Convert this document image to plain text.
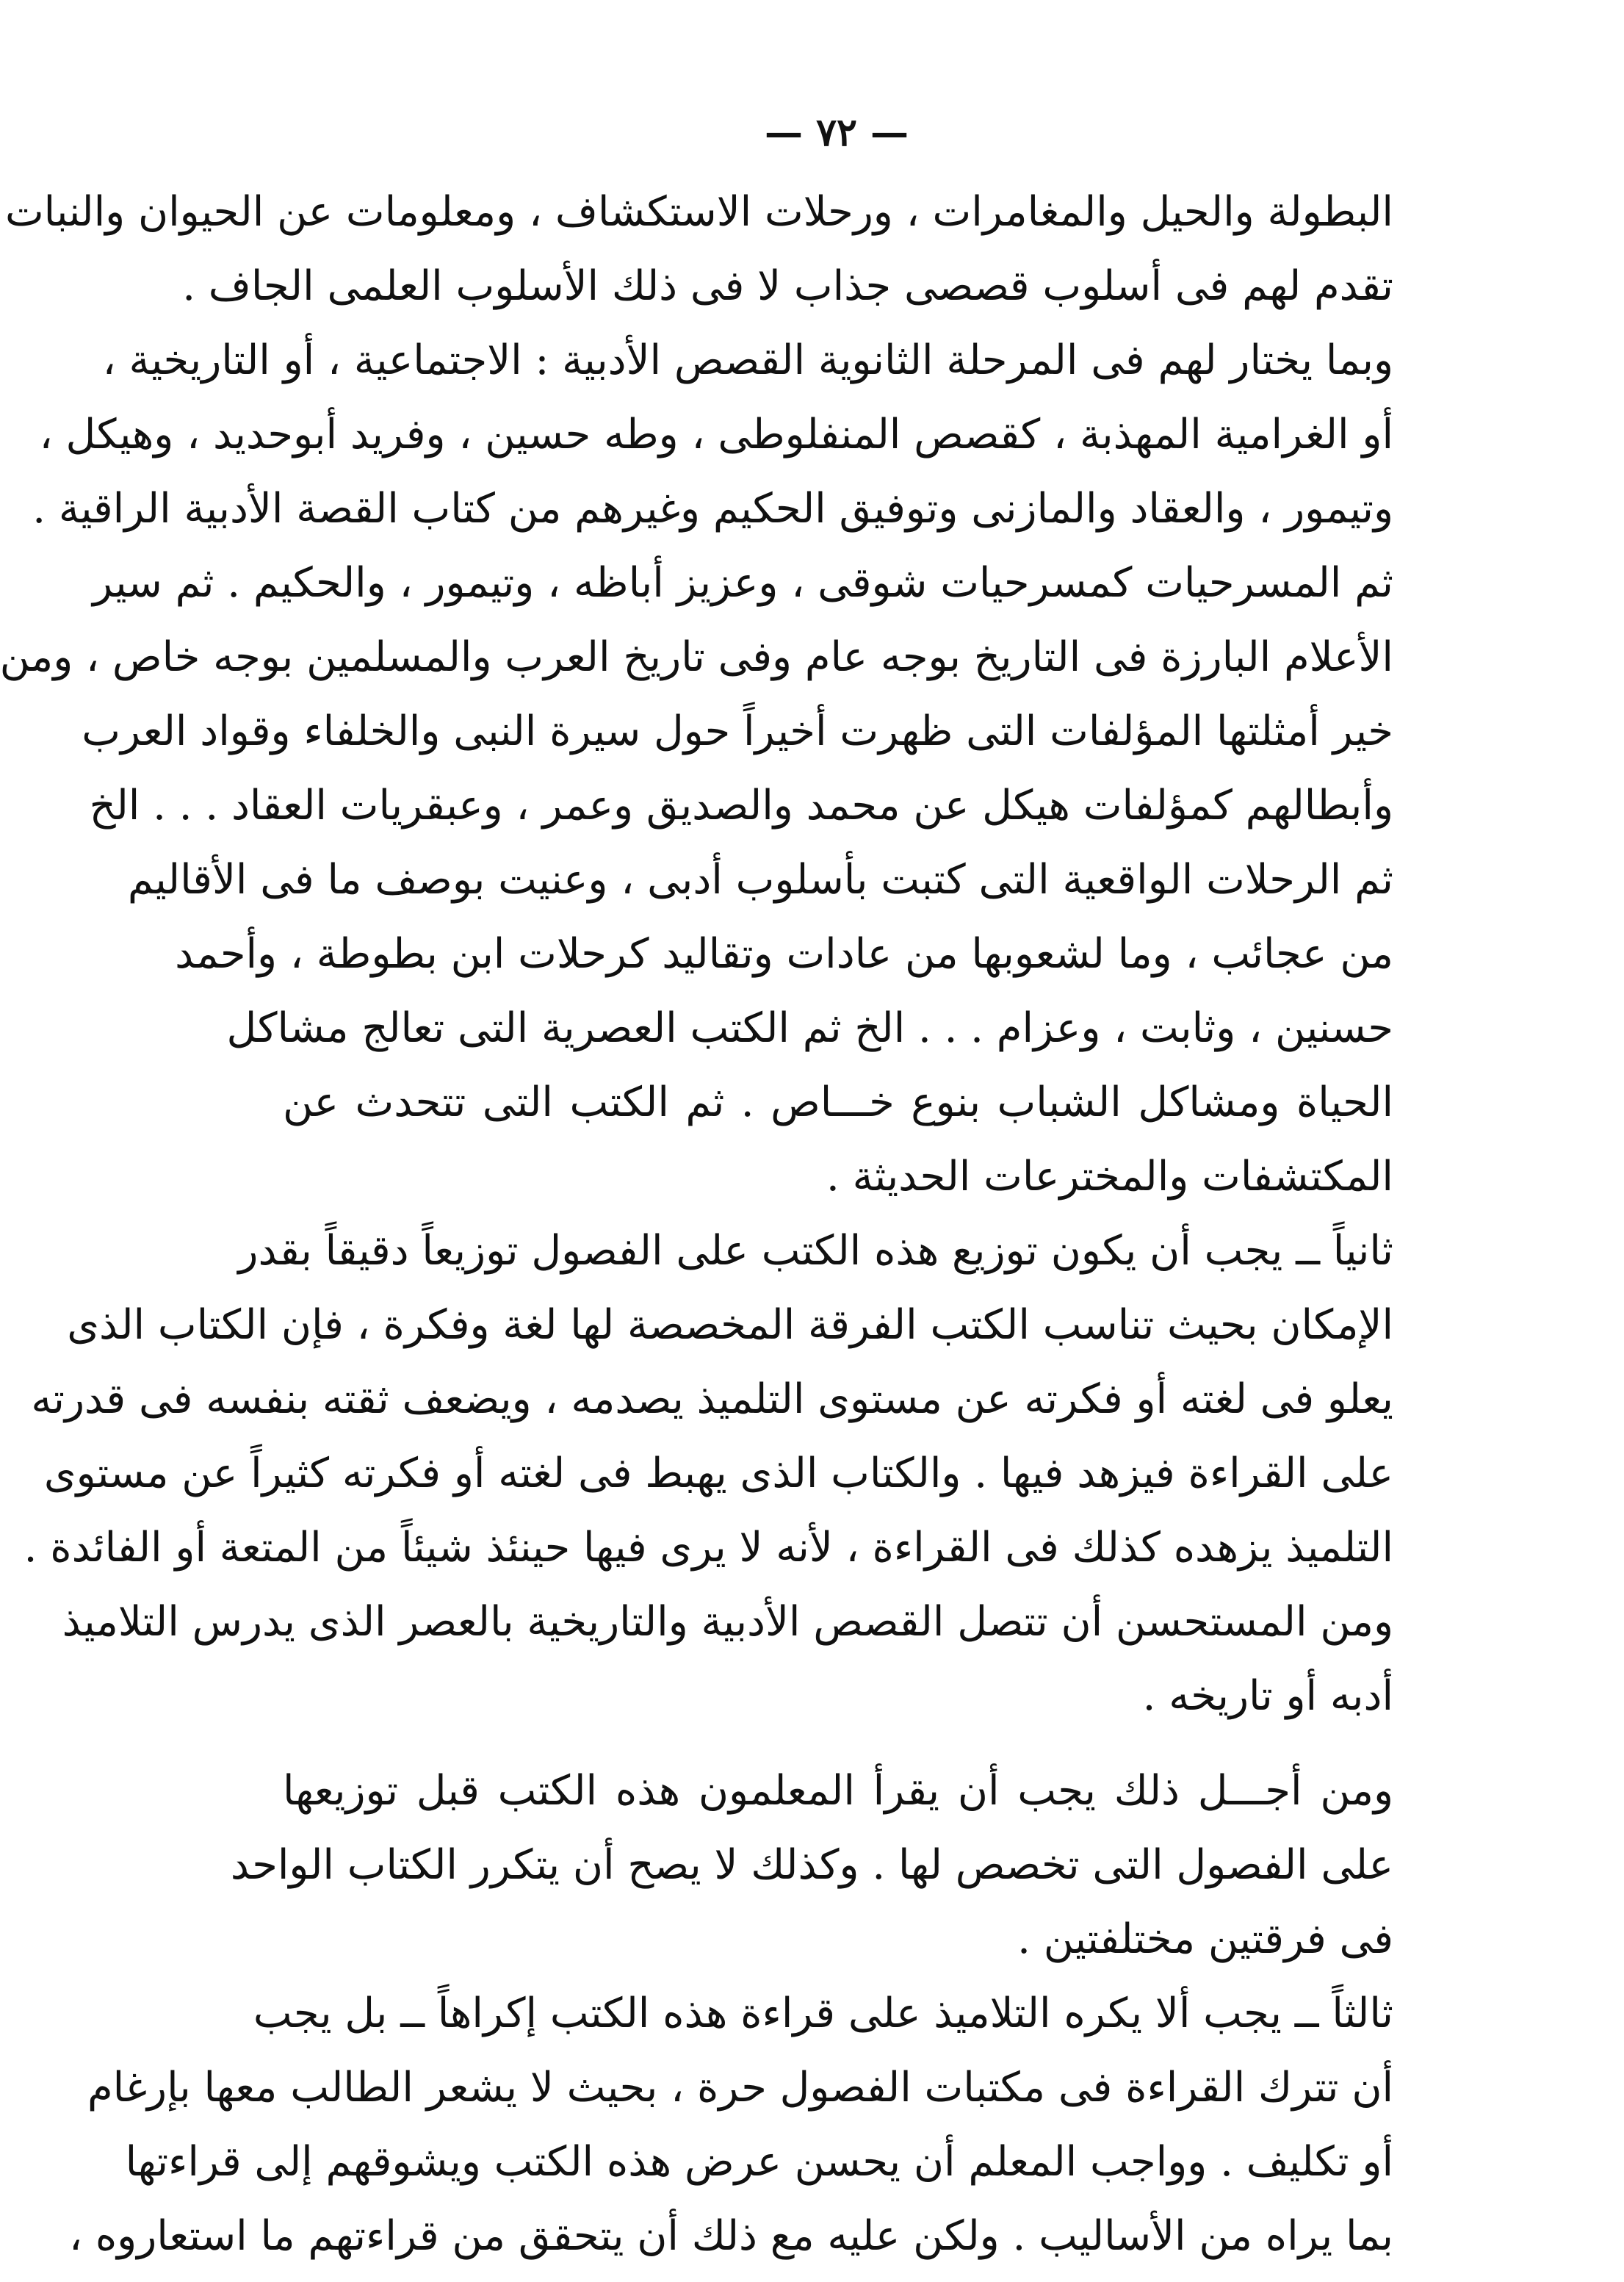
— ٧٢ —
البطولة والحيل والمغامرات ، ورحلات الاستكشاف ، ومعلومات عن الحيوان والنبات
تقدم لهم فى أسلوب قصصى جذاب لا فى ذلك الأسلوب العلمى الجاف .
وبما يختار لهم فى المرحلة الثانوية القصص الأدبية : الاجتماعية ، أو التاريخية ،
أو الغرامية المهذبة ، كقصص المنفلوطى ، وطه حسين ، وفريد أبوحديد ، وهيكل ،
وتيمور ، والعقاد والمازنى وتوفيق الحكيم وغيرهم من كتاب القصة الأدبية الراقية .
ثم المسرحيات كمسرحيات شوقى ، وعزيز أباظه ، وتيمور ، والحكيم . ثم سير
الأعلام البارزة فى التاريخ بوجه عام وفى تاريخ العرب والمسلمين بوجه خاص ، ومن
خير أمثلتها المؤلفات التى ظهرت أخيراً حول سيرة النبى والخلفاء وقواد العرب
وأبطالهم كمؤلفات هيكل عن محمد والصديق وعمر ، وعبقريات العقاد . . . الخ
ثم الرحلات الواقعية التى كتبت بأسلوب أدبى ، وعنيت بوصف ما فى الأقاليم
من عجائب ، وما لشعوبها من عادات وتقاليد كرحلات ابن بطوطة ، وأحمد
حسنين ، وثابت ، وعزام . . . الخ ثم الكتب العصرية التى تعالج مشاكل
الحياة ومشاكل الشباب بنوع خـــاص . ثم الكتب التى تتحدث عن
المكتشفات والمخترعات الحديثة .
ثانياً ــ يجب أن يكون توزيع هذه الكتب على الفصول توزيعاً دقيقاً بقدر
الإمكان بحيث تناسب الكتب الفرقة المخصصة لها لغة وفكرة ، فإن الكتاب الذى
يعلو فى لغته أو فكرته عن مستوى التلميذ يصدمه ، ويضعف ثقته بنفسه فى قدرته
على القراءة فيزهد فيها . والكتاب الذى يهبط فى لغته أو فكرته كثيراً عن مستوى
التلميذ يزهده كذلك فى القراءة ، لأنه لا يرى فيها حينئذ شيئاً من المتعة أو الفائدة .
ومن المستحسن أن تتصل القصص الأدبية والتاريخية بالعصر الذى يدرس التلاميذ
أدبه أو تاريخه .
ومن أجـــل ذلك يجب أن يقرأ المعلمون هذه الكتب قبل توزيعها
على الفصول التى تخصص لها . وكذلك لا يصح أن يتكرر الكتاب الواحد
فى فرقتين مختلفتين .
ثالثاً ــ يجب ألا يكره التلاميذ على قراءة هذه الكتب إكراهاً ــ بل يجب
أن تترك القراءة فى مكتبات الفصول حرة ، بحيث لا يشعر الطالب معها بإرغام
أو تكليف . وواجب المعلم أن يحسن عرض هذه الكتب ويشوقهم إلى قراءتها
بما يراه من الأساليب . ولكن عليه مع ذلك أن يتحقق من قراءتهم ما استعاروه ،
